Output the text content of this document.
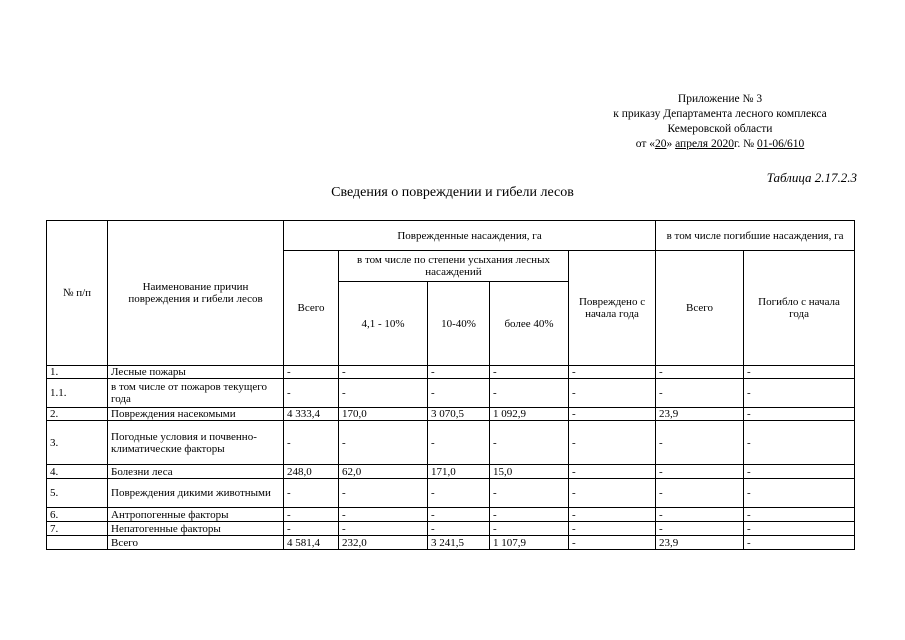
Приложение № 3
к приказу Департамента лесного комплекса
Кемеровской области
от «20» апреля 2020г. № 01-06/610
Таблица 2.17.2.3
Сведения о повреждении и гибели лесов
№ п/п	Наименование причин повреждения и гибели лесов	Поврежденные насаждения, га					в том числе погибшие насаждения, га	
		Всего	в том числе по степени усыхания лесных насаждений			Повреждено с начала года	Всего	Погибло с начала года
			4,1 - 10%	10-40%	более 40%			
1.	Лесные пожары	-	-	-	-	-	-	-
1.1.	в том числе от пожаров текущего года	-	-	-	-	-	-	-
2.	Повреждения насекомыми	4 333,4	170,0	3 070,5	1 092,9	-	23,9	-
3.	Погодные условия и почвенно-климатические факторы	-	-	-	-	-	-	-
4.	Болезни леса	248,0	62,0	171,0	15,0	-	-	-
5.	Повреждения дикими животными	-	-	-	-	-	-	-
6.	Антропогенные факторы	-	-	-	-	-	-	-
7.	Непатогенные факторы	-	-	-	-	-	-	-
	Всего	4 581,4	232,0	3 241,5	1 107,9	-	23,9	-
